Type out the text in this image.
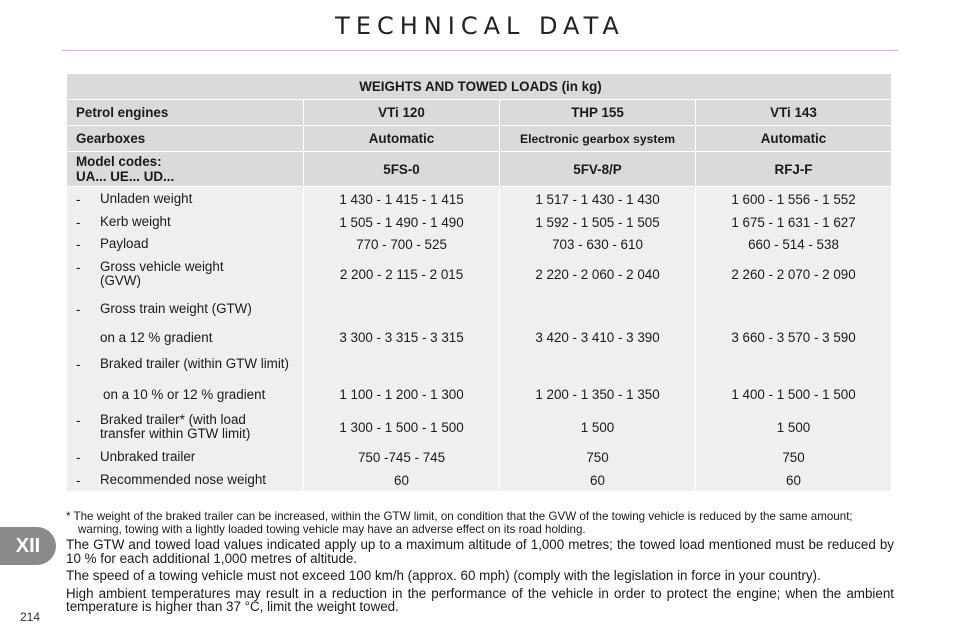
TECHNICAL DATA
WEIGHTS AND TOWED LOADS (in kg)			
Petrol engines	VTi 120	THP 155	VTi 143
Gearboxes	Automatic	Electronic gearbox system	Automatic

Model codes:
UA... UE... UD...	5FS-0	5FV-8/P	RFJ-F
- Unladen weight	1 430 - 1 415 - 1 415	1 517 - 1 430 - 1 430	1 600 - 1 556 - 1 552
- Kerb weight	1 505 - 1 490 - 1 490	1 592 - 1 505 - 1 505	1 675 - 1 631 - 1 627
- Payload	770 - 700 - 525	703 - 630 - 610	660 - 514 - 538
- Gross vehicle weight
(GVW)	2 200 - 2 115 - 2 015	2 220 - 2 060 - 2 040	2 260 - 2 070 - 2 090
- Gross train weight (GTW)			
on a 12 % gradient	3 300 - 3 315 - 3 315	3 420 - 3 410 - 3 390	3 660 - 3 570 - 3 590
- Braked trailer (within GTW limit)			
on a 10 % or 12 % gradient	1 100 - 1 200 - 1 300	1 200 - 1 350 - 1 350	1 400 - 1 500 - 1 500
- Braked trailer* (with load
transfer within GTW limit)	1 300 - 1 500 - 1 500	1 500	1 500
- Unbraked trailer	750 -745 - 745	750	750
- Recommended nose weight	60	60	60
* The weight of the braked trailer can be increased, within the GTW limit, on condition that the GVW of the towing vehicle is reduced by the same amount; warning, towing with a lightly loaded towing vehicle may have an adverse effect on its road holding.

The GTW and towed load values indicated apply up to a maximum altitude of 1,000 metres; the towed load mentioned must be reduced by 10 % for each additional 1,000 metres of altitude.

The speed of a towing vehicle must not exceed 100 km/h (approx. 60 mph) (comply with the legislation in force in your country).

High ambient temperatures may result in a reduction in the performance of the vehicle in order to protect the engine; when the ambient temperature is higher than 37 °C, limit the weight towed.

XII
214
